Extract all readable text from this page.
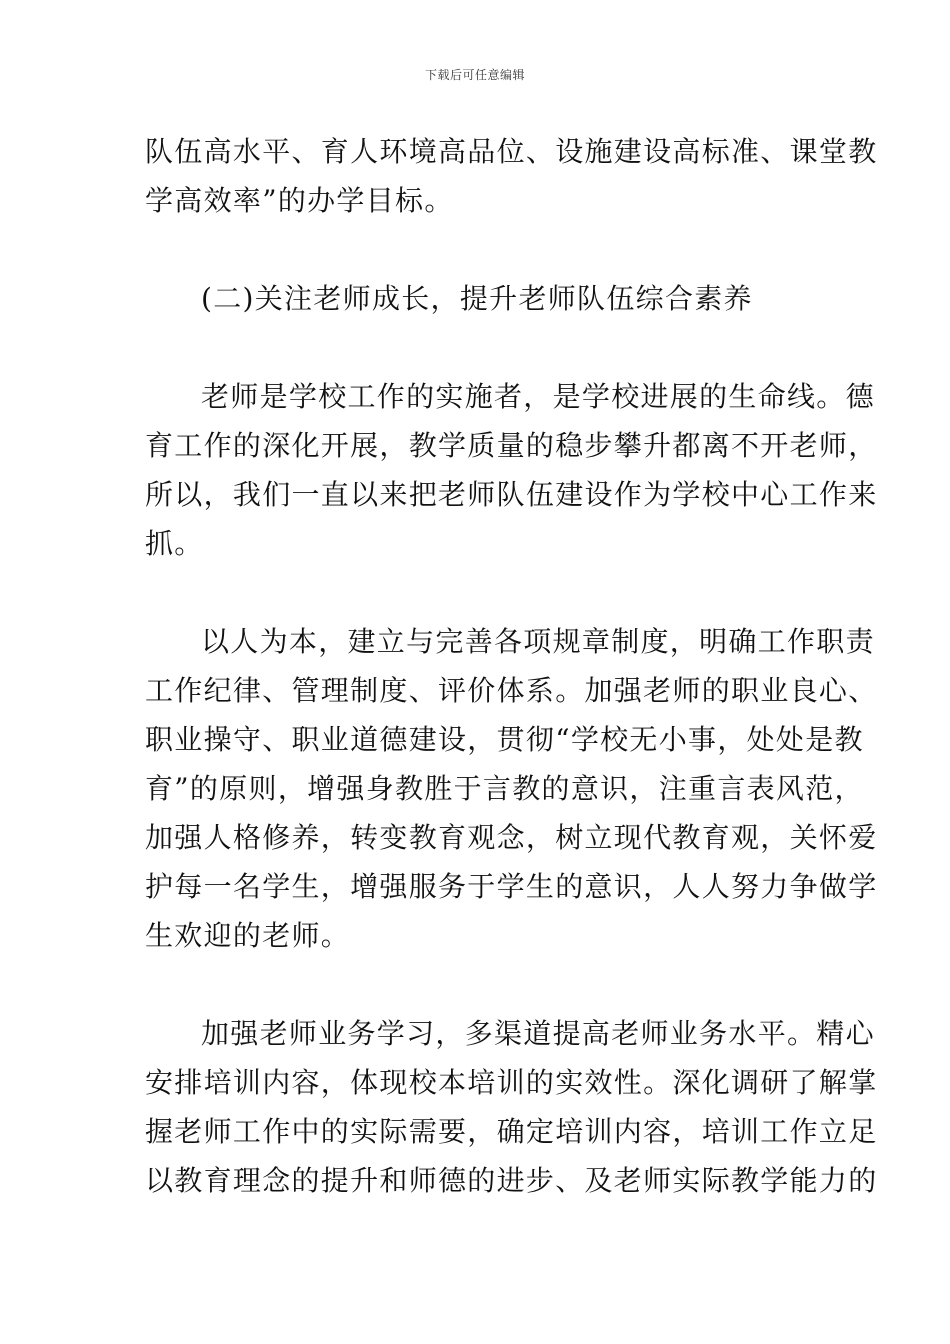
下载后可任意编辑
队伍高水平、育人环境高品位、设施建设高标准、课堂教
学高效率”的办学目标。
(二)关注老师成长，提升老师队伍综合素养
老师是学校工作的实施者，是学校进展的生命线。德
育工作的深化开展，教学质量的稳步攀升都离不开老师，
所以，我们一直以来把老师队伍建设作为学校中心工作来
抓。
以人为本，建立与完善各项规章制度，明确工作职责
工作纪律、管理制度、评价体系。加强老师的职业良心、
职业操守、职业道德建设，贯彻“学校无小事，处处是教
育”的原则，增强身教胜于言教的意识，注重言表风范，
加强人格修养，转变教育观念，树立现代教育观，关怀爱
护每一名学生，增强服务于学生的意识，人人努力争做学
生欢迎的老师。
加强老师业务学习，多渠道提高老师业务水平。精心
安排培训内容，体现校本培训的实效性。深化调研了解掌
握老师工作中的实际需要，确定培训内容，培训工作立足
以教育理念的提升和师德的进步、及老师实际教学能力的
